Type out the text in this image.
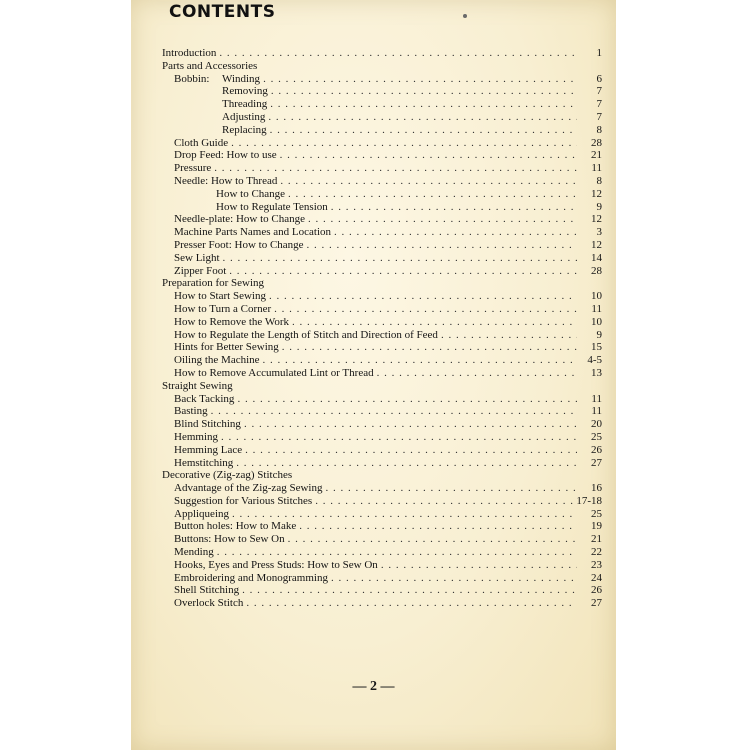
CONTENTS
Introduction . . .	1
Parts and Accessories
Bobbin:	Winding . . .	6
Removing . . .	7
Threading . . .	7
Adjusting . . .	7
Replacing . . .	8
Cloth Guide . . .	28
Drop Feed: How to use . . .	21
Pressure . . .	11
Needle: How to Thread . . .	8
How to Change . . .	12
How to Regulate Tension . . .	9
Needle-plate: How to Change . . .	12
Machine Parts Names and Location . . .	3
Presser Foot: How to Change . . .	12
Sew Light . . .	14
Zipper Foot . . .	28
Preparation for Sewing
How to Start Sewing . . .	10
How to Turn a Corner . . .	11
How to Remove the Work . . .	10
How to Regulate the Length of Stitch and Direction of Feed . . .	9
Hints for Better Sewing . . .	15
Oiling the Machine . . .	4-5
How to Remove Accumulated Lint or Thread . . .	13
Straight Sewing
Back Tacking . . .	11
Basting . . .	11
Blind Stitching . . .	20
Hemming . . .	25
Hemming Lace . . .	26
Hemstitching . . .	27
Decorative (Zig-zag) Stitches
Advantage of the Zig-zag Sewing . . .	16
Suggestion for Various Stitches . . .	17-18
Appliqueing . . .	25
Button holes: How to Make . . .	19
Buttons: How to Sew On . . .	21
Mending . . .	22
Hooks, Eyes and Press Studs: How to Sew On . . .	23
Embroidering and Monogramming . . .	24
Shell Stitching . . .	26
Overlock Stitch . . .	27
— 2 —
